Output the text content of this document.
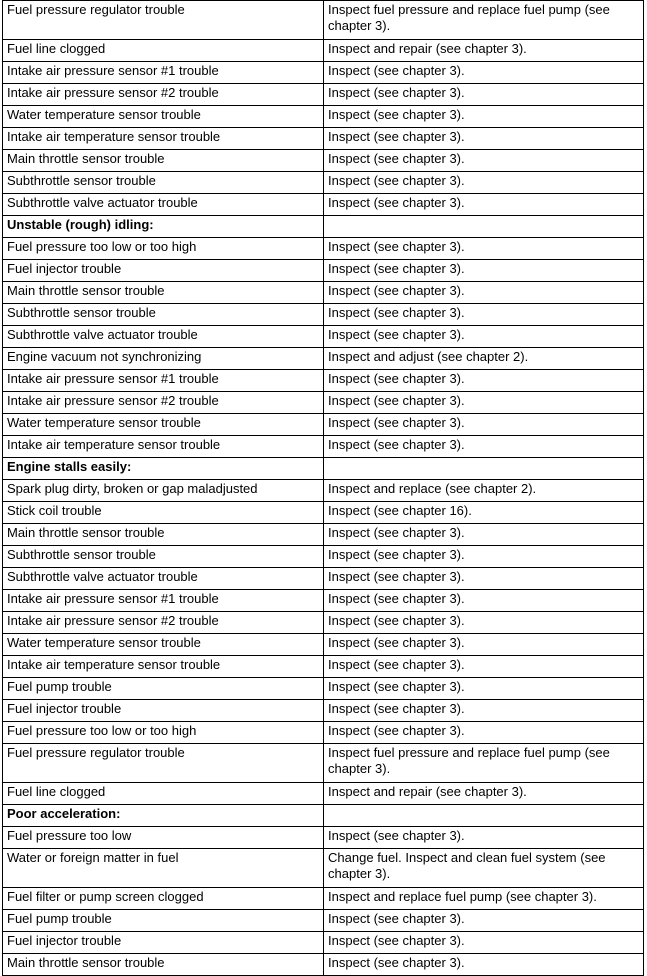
Fuel pressure regulator trouble	Inspect fuel pressure and replace fuel pump (see chapter 3).
Fuel line clogged	Inspect and repair (see chapter 3).
Intake air pressure sensor #1 trouble	Inspect (see chapter 3).
Intake air pressure sensor #2 trouble	Inspect (see chapter 3).
Water temperature sensor trouble	Inspect (see chapter 3).
Intake air temperature sensor trouble	Inspect (see chapter 3).
Main throttle sensor trouble	Inspect (see chapter 3).
Subthrottle sensor trouble	Inspect (see chapter 3).
Subthrottle valve actuator trouble	Inspect (see chapter 3).
Unstable (rough) idling:	
Fuel pressure too low or too high	Inspect (see chapter 3).
Fuel injector trouble	Inspect (see chapter 3).
Main throttle sensor trouble	Inspect (see chapter 3).
Subthrottle sensor trouble	Inspect (see chapter 3).
Subthrottle valve actuator trouble	Inspect (see chapter 3).
Engine vacuum not synchronizing	Inspect and adjust (see chapter 2).
Intake air pressure sensor #1 trouble	Inspect (see chapter 3).
Intake air pressure sensor #2 trouble	Inspect (see chapter 3).
Water temperature sensor trouble	Inspect (see chapter 3).
Intake air temperature sensor trouble	Inspect (see chapter 3).
Engine stalls easily:	
Spark plug dirty, broken or gap maladjusted	Inspect and replace (see chapter 2).
Stick coil trouble	Inspect (see chapter 16).
Main throttle sensor trouble	Inspect (see chapter 3).
Subthrottle sensor trouble	Inspect (see chapter 3).
Subthrottle valve actuator trouble	Inspect (see chapter 3).
Intake air pressure sensor #1 trouble	Inspect (see chapter 3).
Intake air pressure sensor #2 trouble	Inspect (see chapter 3).
Water temperature sensor trouble	Inspect (see chapter 3).
Intake air temperature sensor trouble	Inspect (see chapter 3).
Fuel pump trouble	Inspect (see chapter 3).
Fuel injector trouble	Inspect (see chapter 3).
Fuel pressure too low or too high	Inspect (see chapter 3).
Fuel pressure regulator trouble	Inspect fuel pressure and replace fuel pump (see chapter 3).
Fuel line clogged	Inspect and repair (see chapter 3).
Poor acceleration:	
Fuel pressure too low	Inspect (see chapter 3).
Water or foreign matter in fuel	Change fuel. Inspect and clean fuel system (see chapter 3).
Fuel filter or pump screen clogged	Inspect and replace fuel pump (see chapter 3).
Fuel pump trouble	Inspect (see chapter 3).
Fuel injector trouble	Inspect (see chapter 3).
Main throttle sensor trouble	Inspect (see chapter 3).
